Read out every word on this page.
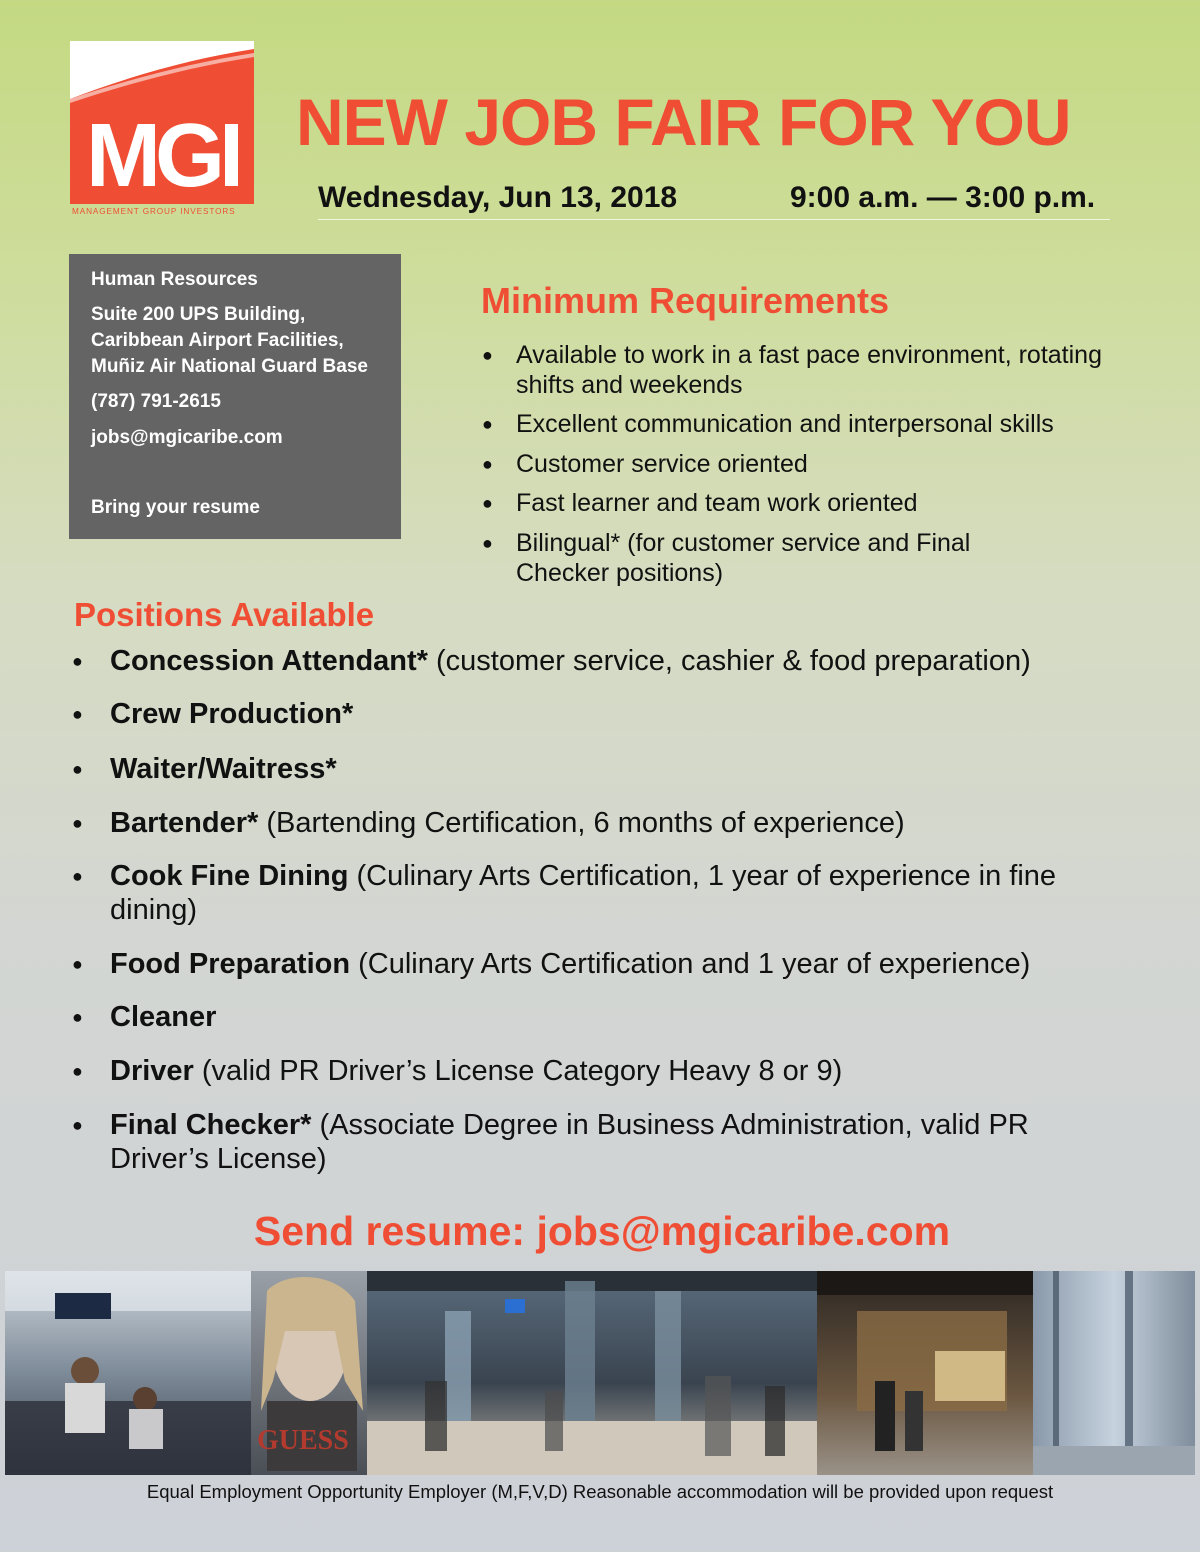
MGI
MANAGEMENT GROUP INVESTORS
NEW JOB FAIR FOR YOU
Wednesday, Jun 13, 2018	9:00 a.m. — 3:00 p.m.
Human Resources
Suite 200 UPS Building,
Caribbean Airport Facilities,
Muñiz Air National Guard Base
(787) 791-2615
jobs@mgicaribe.com
Bring your resume
Minimum Requirements
● Available to work in a fast pace environment, rotating shifts and weekends
● Excellent communication and interpersonal skills
● Customer service oriented
● Fast learner and team work oriented
● Bilingual* (for customer service and Final Checker positions)
Positions Available
● Concession Attendant* (customer service, cashier & food preparation)
● Crew Production*
● Waiter/Waitress*
● Bartender* (Bartending Certification, 6 months of experience)
● Cook Fine Dining (Culinary Arts Certification, 1 year of experience in fine dining)
● Food Preparation (Culinary Arts Certification and 1 year of experience)
● Cleaner
● Driver (valid PR Driver’s License Category Heavy 8 or 9)
● Final Checker* (Associate Degree in Business Administration, valid PR Driver’s License)
Send resume: jobs@mgicaribe.com
GUESS
Equal Employment Opportunity Employer (M,F,V,D) Reasonable accommodation will be provided upon request
